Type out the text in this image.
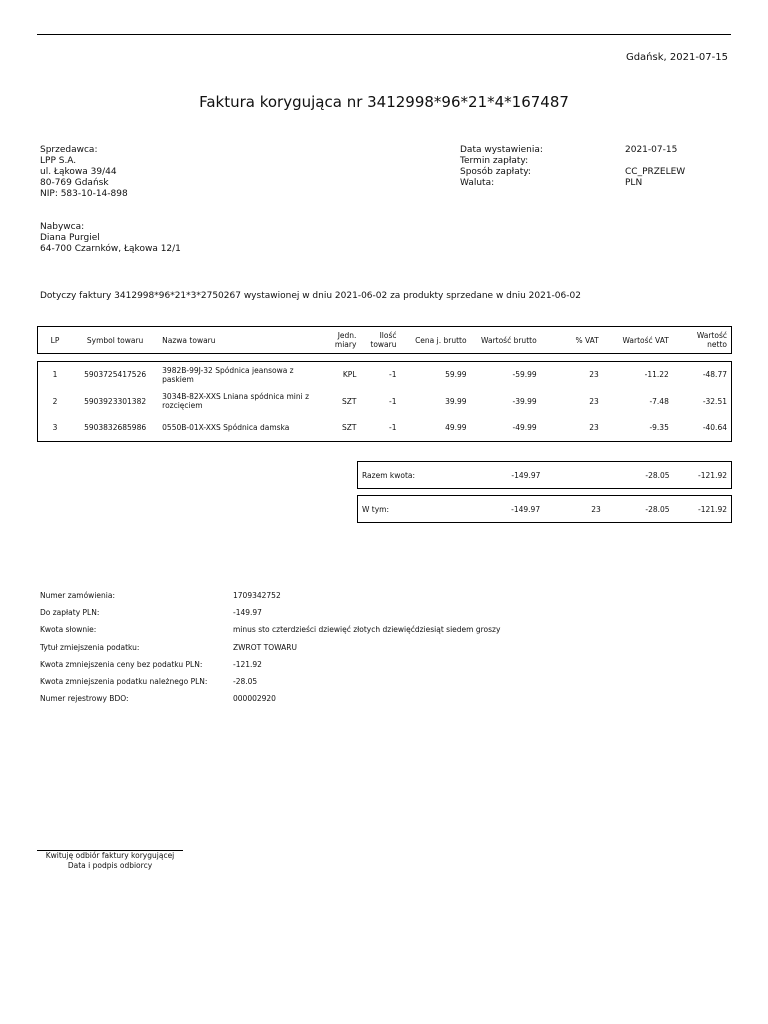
Gdańsk, 2021-07-15
Faktura korygująca nr 3412998*96*21*4*167487
Sprzedawca:
LPP S.A.
ul. Łąkowa 39/44
80-769 Gdańsk
NIP: 583-10-14-898
Data wystawienia:	2021-07-15
Termin zapłaty:
Sposób zapłaty:	CC_PRZELEW
Waluta:	PLN
Nabywca:
Diana Purgiel
64-700 Czarnków, Łąkowa 12/1
Dotyczy faktury 3412998*96*21*3*2750267 wystawionej w dniu 2021-06-02 za produkty sprzedane w dniu 2021-06-02
LP	Symbol towaru	Nazwa towaru	Jedn. miary	Ilość towaru	Cena j. brutto	Wartość brutto	% VAT	Wartość VAT	Wartość netto
1	5903725417526	3982B-99J-32 Spódnica jeansowa z paskiem	KPL	-1	59.99	-59.99	23	-11.22	-48.77
2	5903923301382	3034B-82X-XXS Lniana spódnica mini z rozcięciem	SZT	-1	39.99	-39.99	23	-7.48	-32.51
3	5903832685986	0550B-01X-XXS Spódnica damska	SZT	-1	49.99	-49.99	23	-9.35	-40.64
Razem kwota:	-149.97		-28.05	-121.92
W tym:	-149.97	23	-28.05	-121.92
Numer zamówienia:	1709342752
Do zapłaty PLN:	-149.97
Kwota słownie:	minus sto czterdzieści dziewięć złotych dziewięćdziesiąt siedem groszy
Tytuł zmiejszenia podatku:	ZWROT TOWARU
Kwota zmniejszenia ceny bez podatku PLN:	-121.92
Kwota zmniejszenia podatku należnego PLN:	-28.05
Numer rejestrowy BDO:	000002920
Kwituję odbiór faktury korygującej
Data i podpis odbiorcy
